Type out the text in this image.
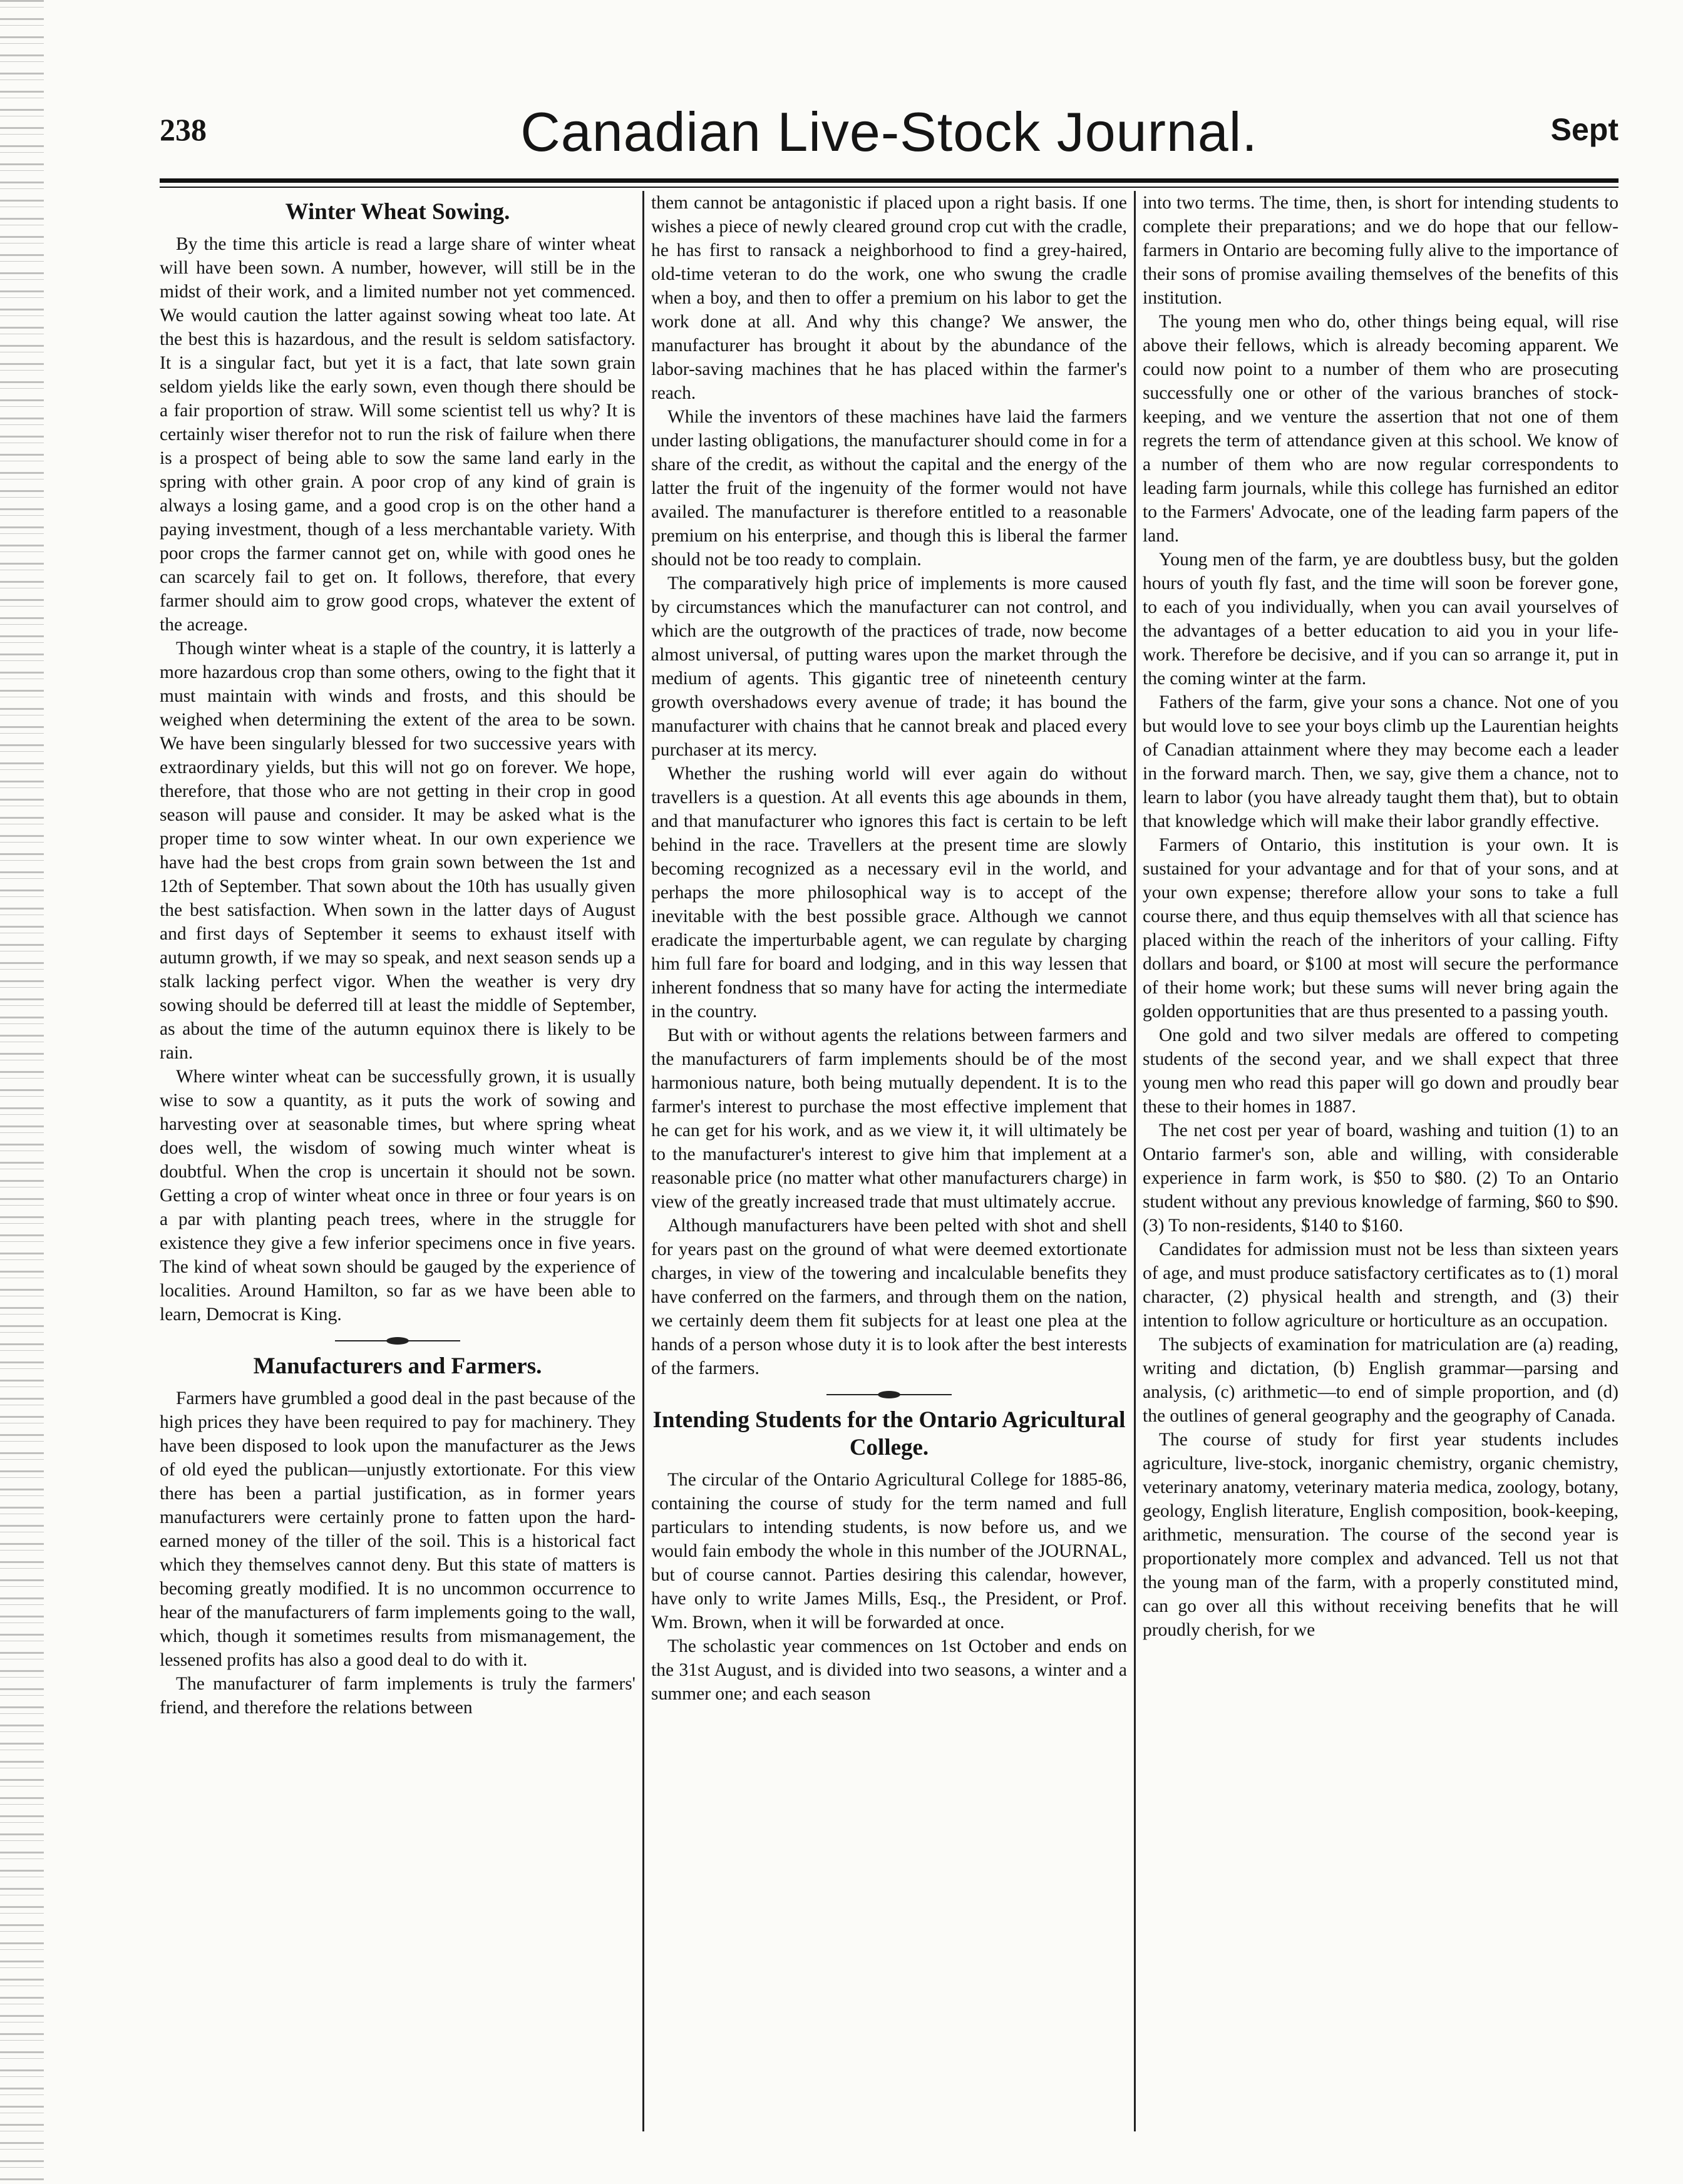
238	Canadian Live-Stock Journal.	Sept
Winter Wheat Sowing.

By the time this article is read a large share of winter wheat will have been sown. A number, however, will still be in the midst of their work, and a limited number not yet commenced. We would caution the latter against sowing wheat too late. At the best this is hazardous, and the result is seldom satisfactory. It is a singular fact, but yet it is a fact, that late sown grain seldom yields like the early sown, even though there should be a fair proportion of straw. Will some scientist tell us why? It is certainly wiser therefor not to run the risk of failure when there is a prospect of being able to sow the same land early in the spring with other grain. A poor crop of any kind of grain is always a losing game, and a good crop is on the other hand a paying investment, though of a less merchantable variety. With poor crops the farmer cannot get on, while with good ones he can scarcely fail to get on. It follows, therefore, that every farmer should aim to grow good crops, whatever the extent of the acreage.

Though winter wheat is a staple of the country, it is latterly a more hazardous crop than some others, owing to the fight that it must maintain with winds and frosts, and this should be weighed when determining the extent of the area to be sown. We have been singularly blessed for two successive years with extraordinary yields, but this will not go on forever. We hope, therefore, that those who are not getting in their crop in good season will pause and consider. It may be asked what is the proper time to sow winter wheat. In our own experience we have had the best crops from grain sown between the 1st and 12th of September. That sown about the 10th has usually given the best satisfaction. When sown in the latter days of August and first days of September it seems to exhaust itself with autumn growth, if we may so speak, and next season sends up a stalk lacking perfect vigor. When the weather is very dry sowing should be deferred till at least the middle of September, as about the time of the autumn equinox there is likely to be rain.

Where winter wheat can be successfully grown, it is usually wise to sow a quantity, as it puts the work of sowing and harvesting over at seasonable times, but where spring wheat does well, the wisdom of sowing much winter wheat is doubtful. When the crop is uncertain it should not be sown. Getting a crop of winter wheat once in three or four years is on a par with planting peach trees, where in the struggle for existence they give a few inferior specimens once in five years. The kind of wheat sown should be gauged by the experience of localities. Around Hamilton, so far as we have been able to learn, Democrat is King.

Manufacturers and Farmers.

Farmers have grumbled a good deal in the past because of the high prices they have been required to pay for machinery. They have been disposed to look upon the manufacturer as the Jews of old eyed the publican—unjustly extortionate. For this view there has been a partial justification, as in former years manufacturers were certainly prone to fatten upon the hard-earned money of the tiller of the soil. This is a historical fact which they themselves cannot deny. But this state of matters is becoming greatly modified. It is no uncommon occurrence to hear of the manufacturers of farm implements going to the wall, which, though it sometimes results from mismanagement, the lessened profits has also a good deal to do with it.

The manufacturer of farm implements is truly the farmers' friend, and therefore the relations between

them cannot be antagonistic if placed upon a right basis. If one wishes a piece of newly cleared ground crop cut with the cradle, he has first to ransack a neighborhood to find a grey-haired, old-time veteran to do the work, one who swung the cradle when a boy, and then to offer a premium on his labor to get the work done at all. And why this change? We answer, the manufacturer has brought it about by the abundance of the labor-saving machines that he has placed within the farmer's reach.

While the inventors of these machines have laid the farmers under lasting obligations, the manufacturer should come in for a share of the credit, as without the capital and the energy of the latter the fruit of the ingenuity of the former would not have availed. The manufacturer is therefore entitled to a reasonable premium on his enterprise, and though this is liberal the farmer should not be too ready to complain.

The comparatively high price of implements is more caused by circumstances which the manufacturer can not control, and which are the outgrowth of the practices of trade, now become almost universal, of putting wares upon the market through the medium of agents. This gigantic tree of nineteenth century growth overshadows every avenue of trade; it has bound the manufacturer with chains that he cannot break and placed every purchaser at its mercy.

Whether the rushing world will ever again do without travellers is a question. At all events this age abounds in them, and that manufacturer who ignores this fact is certain to be left behind in the race. Travellers at the present time are slowly becoming recognized as a necessary evil in the world, and perhaps the more philosophical way is to accept of the inevitable with the best possible grace. Although we cannot eradicate the imperturbable agent, we can regulate by charging him full fare for board and lodging, and in this way lessen that inherent fondness that so many have for acting the intermediate in the country.

But with or without agents the relations between farmers and the manufacturers of farm implements should be of the most harmonious nature, both being mutually dependent. It is to the farmer's interest to purchase the most effective implement that he can get for his work, and as we view it, it will ultimately be to the manufacturer's interest to give him that implement at a reasonable price (no matter what other manufacturers charge) in view of the greatly increased trade that must ultimately accrue.

Although manufacturers have been pelted with shot and shell for years past on the ground of what were deemed extortionate charges, in view of the towering and incalculable benefits they have conferred on the farmers, and through them on the nation, we certainly deem them fit subjects for at least one plea at the hands of a person whose duty it is to look after the best interests of the farmers.

Intending Students for the Ontario Agricultural College.

The circular of the Ontario Agricultural College for 1885-86, containing the course of study for the term named and full particulars to intending students, is now before us, and we would fain embody the whole in this number of the JOURNAL, but of course cannot. Parties desiring this calendar, however, have only to write James Mills, Esq., the President, or Prof. Wm. Brown, when it will be forwarded at once.

The scholastic year commences on 1st October and ends on the 31st August, and is divided into two seasons, a winter and a summer one; and each season

into two terms. The time, then, is short for intending students to complete their preparations; and we do hope that our fellow-farmers in Ontario are becoming fully alive to the importance of their sons of promise availing themselves of the benefits of this institution.

The young men who do, other things being equal, will rise above their fellows, which is already becoming apparent. We could now point to a number of them who are prosecuting successfully one or other of the various branches of stock-keeping, and we venture the assertion that not one of them regrets the term of attendance given at this school. We know of a number of them who are now regular correspondents to leading farm journals, while this college has furnished an editor to the Farmers' Advocate, one of the leading farm papers of the land.

Young men of the farm, ye are doubtless busy, but the golden hours of youth fly fast, and the time will soon be forever gone, to each of you individually, when you can avail yourselves of the advantages of a better education to aid you in your life-work. Therefore be decisive, and if you can so arrange it, put in the coming winter at the farm.

Fathers of the farm, give your sons a chance. Not one of you but would love to see your boys climb up the Laurentian heights of Canadian attainment where they may become each a leader in the forward march. Then, we say, give them a chance, not to learn to labor (you have already taught them that), but to obtain that knowledge which will make their labor grandly effective.

Farmers of Ontario, this institution is your own. It is sustained for your advantage and for that of your sons, and at your own expense; therefore allow your sons to take a full course there, and thus equip themselves with all that science has placed within the reach of the inheritors of your calling. Fifty dollars and board, or $100 at most will secure the performance of their home work; but these sums will never bring again the golden opportunities that are thus presented to a passing youth.

One gold and two silver medals are offered to competing students of the second year, and we shall expect that three young men who read this paper will go down and proudly bear these to their homes in 1887.

The net cost per year of board, washing and tuition (1) to an Ontario farmer's son, able and willing, with considerable experience in farm work, is $50 to $80. (2) To an Ontario student without any previous knowledge of farming, $60 to $90. (3) To non-residents, $140 to $160.

Candidates for admission must not be less than sixteen years of age, and must produce satisfactory certificates as to (1) moral character, (2) physical health and strength, and (3) their intention to follow agriculture or horticulture as an occupation.

The subjects of examination for matriculation are (a) reading, writing and dictation, (b) English grammar—parsing and analysis, (c) arithmetic—to end of simple proportion, and (d) the outlines of general geography and the geography of Canada.

The course of study for first year students includes agriculture, live-stock, inorganic chemistry, organic chemistry, veterinary anatomy, veterinary materia medica, zoology, botany, geology, English literature, English composition, book-keeping, arithmetic, mensuration. The course of the second year is proportionately more complex and advanced. Tell us not that the young man of the farm, with a properly constituted mind, can go over all this without receiving benefits that he will proudly cherish, for we
